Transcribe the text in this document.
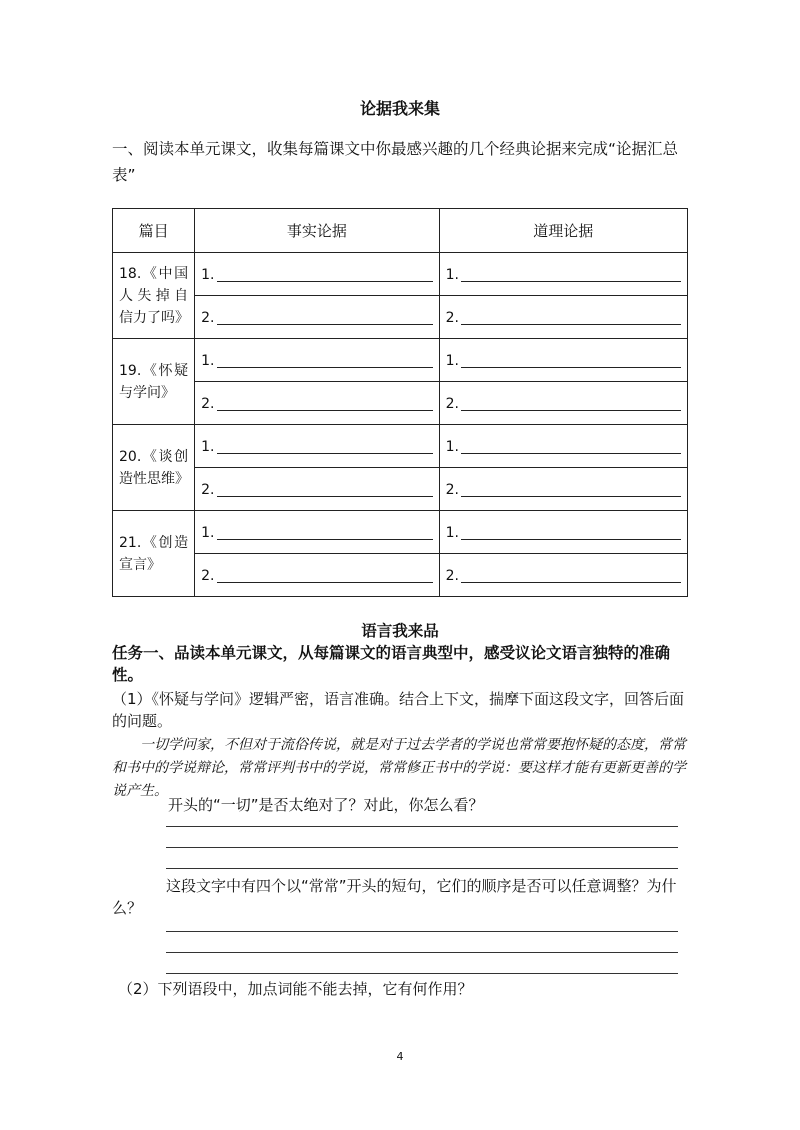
论据我来集
一、阅读本单元课文，收集每篇课文中你最感兴趣的几个经典论据来完成“论据汇总表”
篇目	事实论据	道理论据
18.《中国人失掉自信力了吗》	1.	1.

	2.	2.

19.《怀疑与学问》	1.	1.

	2.	2.

20.《谈创造性思维》	1.	1.

	2.	2.

21.《创造宣言》	1.	1.

	2.	2.
语言我来品
任务一、品读本单元课文，从每篇课文的语言典型中，感受议论文语言独特的准确性。
（1）《怀疑与学问》逻辑严密，语言准确。结合上下文，揣摩下面这段文字，回答后面的问题。
一切学问家，不但对于流俗传说，就是对于过去学者的学说也常常要抱怀疑的态度，常常和书中的学说辩论，常常评判书中的学说，常常修正书中的学说：要这样才能有更新更善的学说产生。
开头的“一切”是否太绝对了？对此，你怎么看？
这段文字中有四个以“常常”开头的短句，它们的顺序是否可以任意调整？为什么？
（2）下列语段中，加点词能不能去掉，它有何作用？
4
